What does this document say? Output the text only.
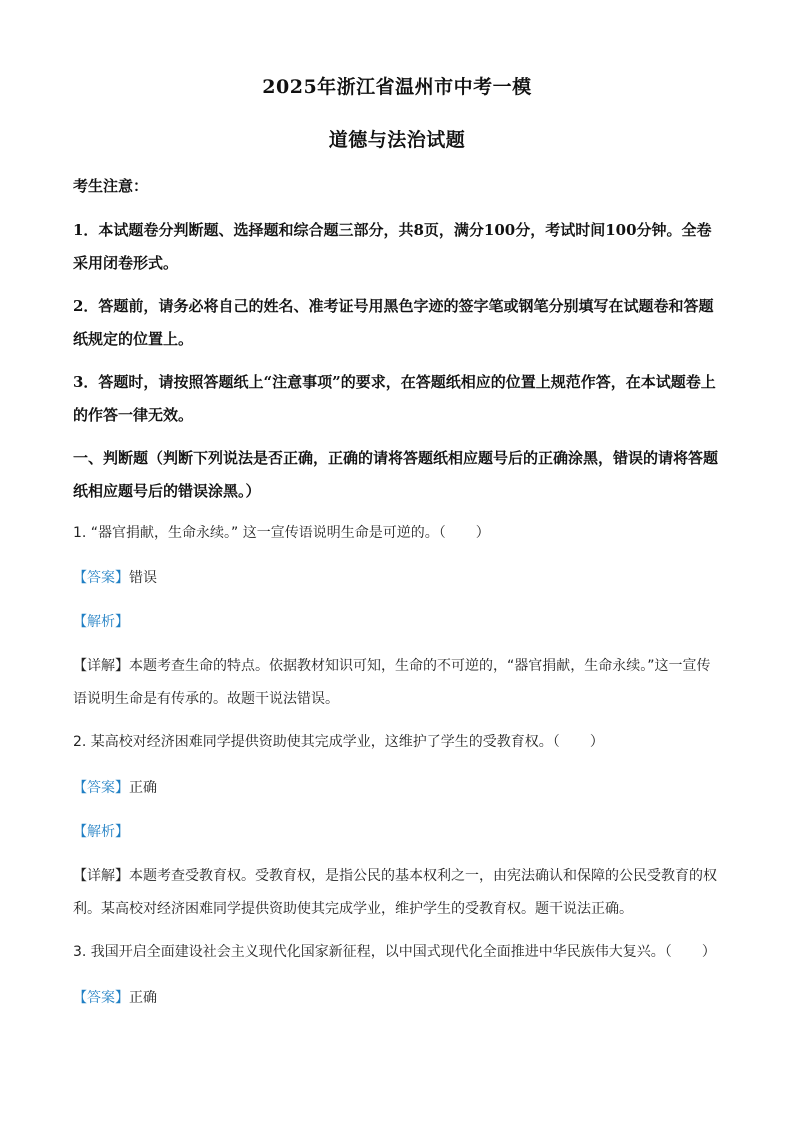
2025年浙江省温州市中考一模
道德与法治试题
考生注意：
1．本试题卷分判断题、选择题和综合题三部分，共8页，满分100分，考试时间100分钟。全卷采用闭卷形式。
2．答题前，请务必将自己的姓名、准考证号用黑色字迹的签字笔或钢笔分别填写在试题卷和答题纸规定的位置上。
3．答题时，请按照答题纸上“注意事项”的要求，在答题纸相应的位置上规范作答，在本试题卷上的作答一律无效。
一、判断题（判断下列说法是否正确，正确的请将答题纸相应题号后的正确涂黑，错误的请将答题纸相应题号后的错误涂黑。）
1. “器官捐献，生命永续。” 这一宣传语说明生命是可逆的。（ ）
【答案】错误
【解析】
【详解】本题考查生命的特点。依据教材知识可知，生命的不可逆的，“器官捐献，生命永续。”这一宣传语说明生命是有传承的。故题干说法错误。
2. 某高校对经济困难同学提供资助使其完成学业，这维护了学生的受教育权。（ ）
【答案】正确
【解析】
【详解】本题考查受教育权。受教育权，是指公民的基本权利之一，由宪法确认和保障的公民受教育的权利。某高校对经济困难同学提供资助使其完成学业，维护学生的受教育权。题干说法正确。
3. 我国开启全面建设社会主义现代化国家新征程，以中国式现代化全面推进中华民族伟大复兴。（ ）
【答案】正确
